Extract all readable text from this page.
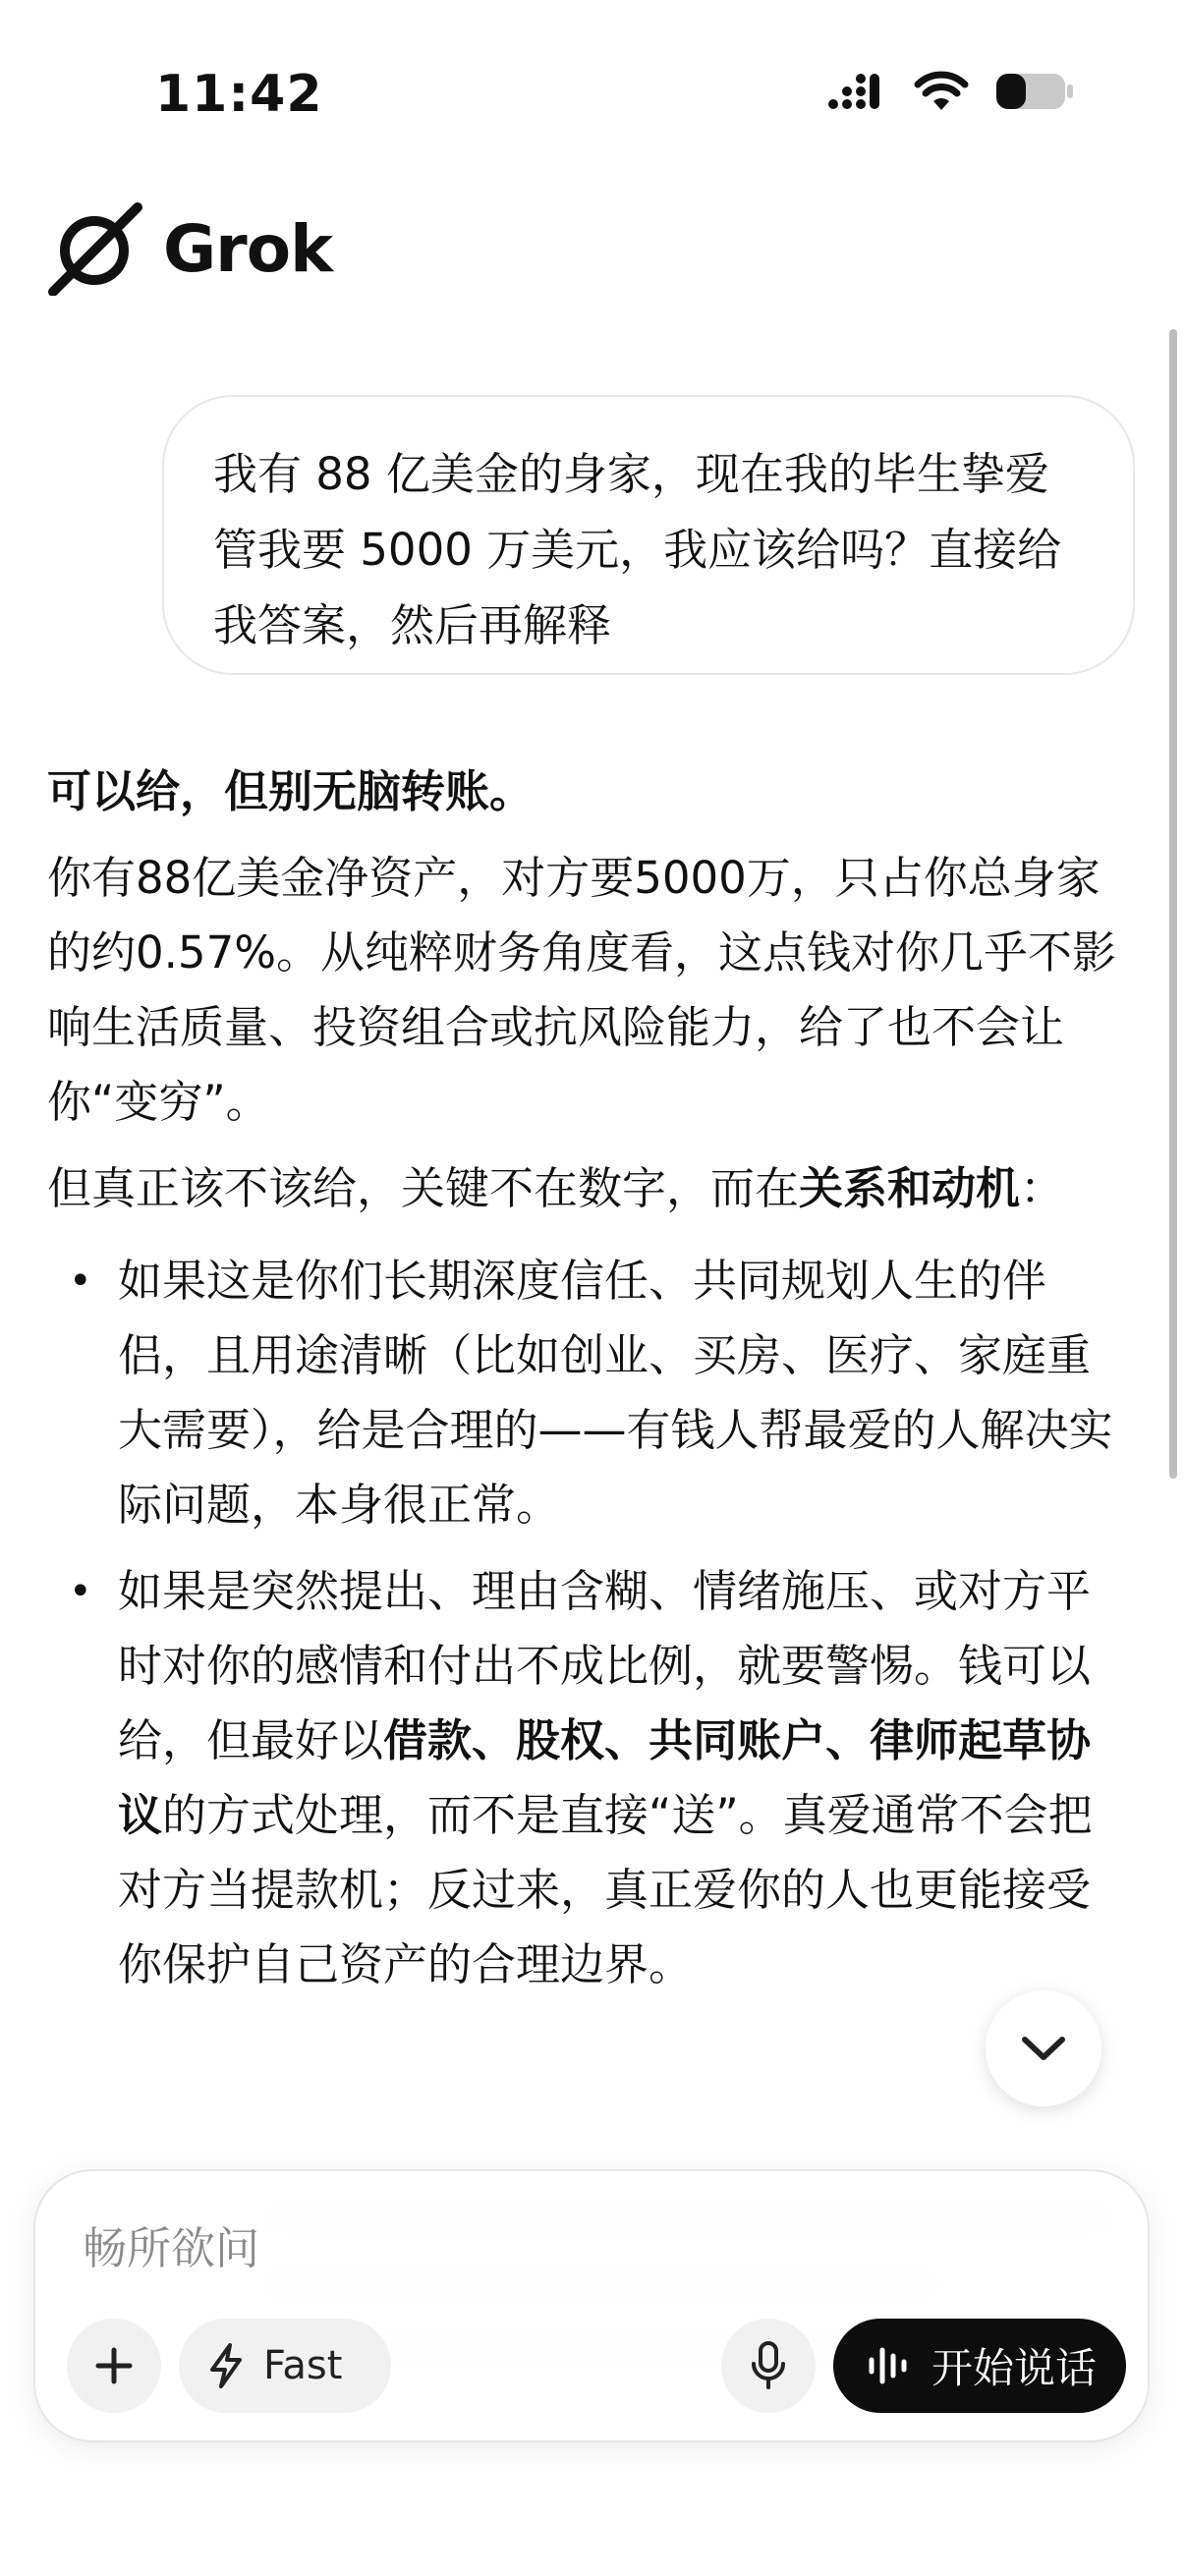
11:42
Grok
我有 88 亿美金的身家，现在我的毕生挚爱管我要 5000 万美元，我应该给吗？直接给我答案，然后再解释

可以给，但别无脑转账。

你有88亿美金净资产，对方要5000万，只占你总身家的约0.57%。从纯粹财务角度看，这点钱对你几乎不影响生活质量、投资组合或抗风险能力，给了也不会让你“变穷”。

但真正该不该给，关键不在数字，而在关系和动机：

• 如果这是你们长期深度信任、共同规划人生的伴侣，且用途清晰（比如创业、买房、医疗、家庭重大需要），给是合理的——有钱人帮最爱的人解决实际问题，本身很正常。
• 如果是突然提出、理由含糊、情绪施压、或对方平时对你的感情和付出不成比例，就要警惕。钱可以给，但最好以借款、股权、共同账户、律师起草协议的方式处理，而不是直接“送”。真爱通常不会把对方当提款机；反过来，真正爱你的人也更能接受你保护自己资产的合理边界。
畅所欲问
Fast	开始说话
